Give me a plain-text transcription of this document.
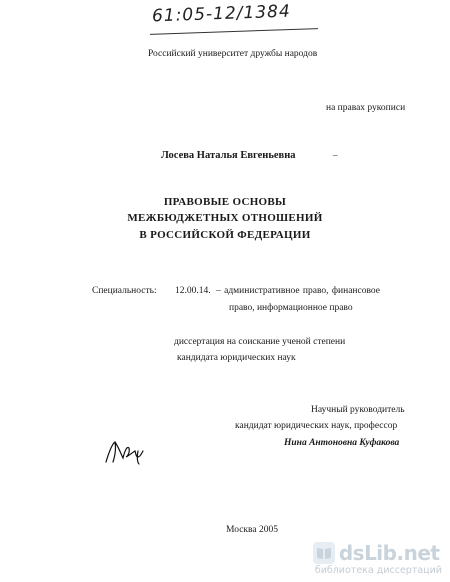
61:05-12/1384
Российский университет дружбы народов
на правах рукописи
Лосева Наталья Евгеньевна	–
ПРАВОВЫЕ ОСНОВЫ
МЕЖБЮДЖЕТНЫХ ОТНОШЕНИЙ
В РОССИЙСКОЙ ФЕДЕРАЦИИ
Специальность: 12.00.14. – административное право, финансовое
право, информационное право
диссертация на соискание ученой степени
кандидата юридических наук
Научный руководитель
кандидат юридических наук, профессор
Нина Антоновна Куфакова
Москва 2005
dsLib.net
библиотека диссертаций
